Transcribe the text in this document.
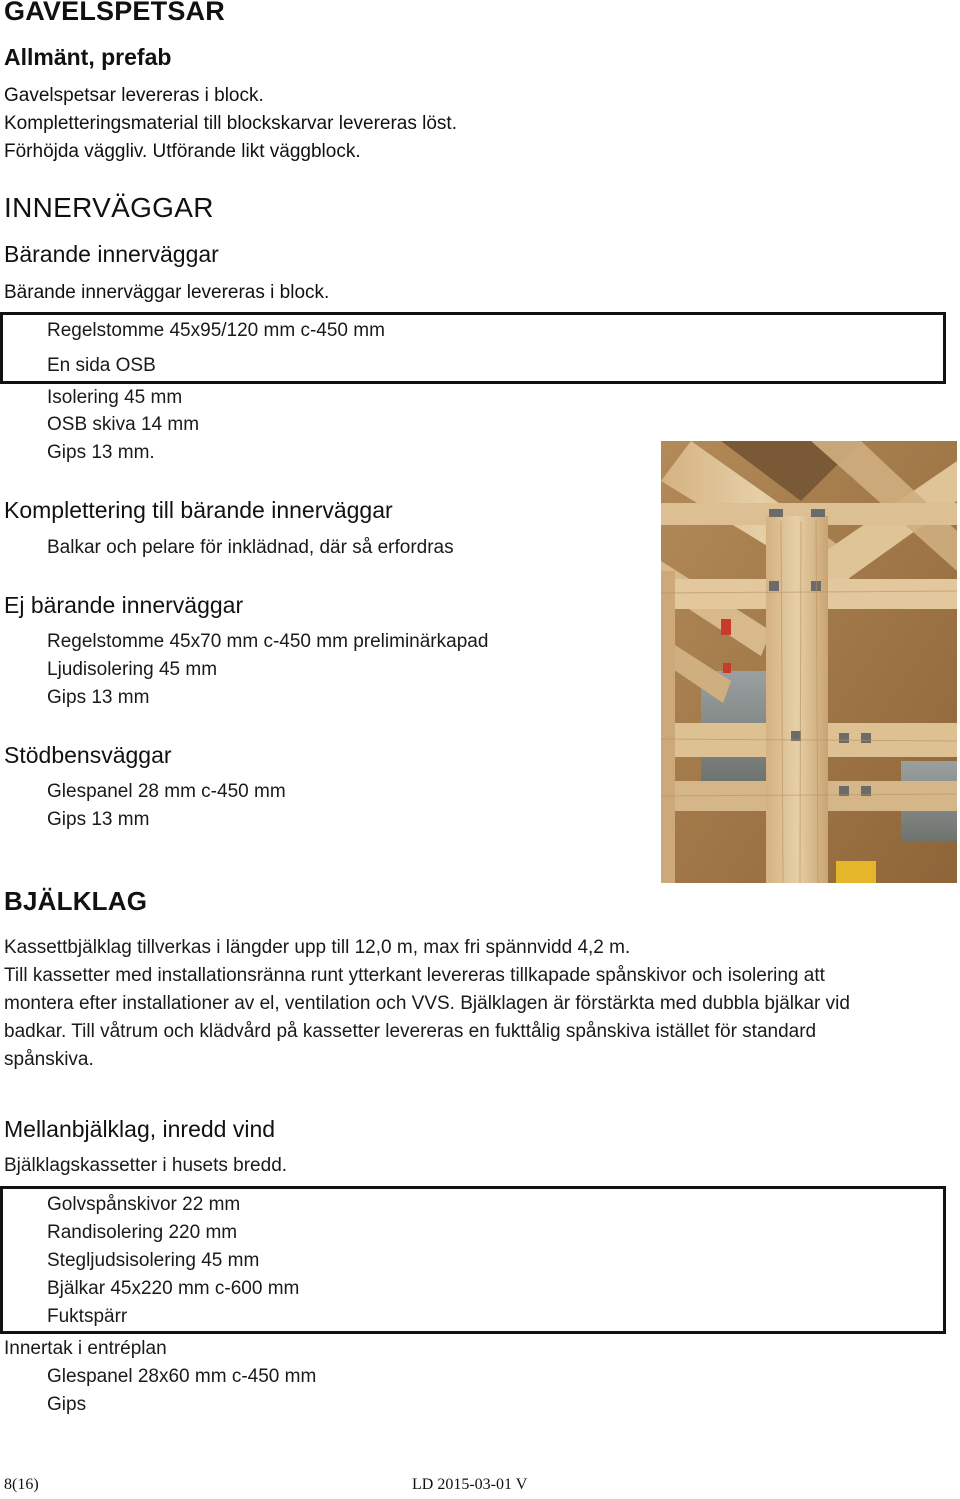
GAVELSPETSAR
Allmänt, prefab
Gavelspetsar levereras i block.
Kompletteringsmaterial till blockskarvar levereras löst.
Förhöjda väggliv. Utförande likt väggblock.
INNERVÄGGAR
Bärande innerväggar
Bärande innerväggar levereras i block.
Regelstomme 45x95/120 mm c-450 mm
En sida OSB
Isolering 45 mm
OSB skiva 14 mm
Gips 13 mm.
Komplettering till bärande innerväggar
Balkar och pelare för inklädnad, där så erfordras
Ej bärande innerväggar
Regelstomme 45x70 mm c-450 mm preliminärkapad
Ljudisolering 45 mm
Gips 13 mm
Stödbensväggar
Glespanel 28 mm c-450 mm
Gips 13 mm
BJÄLKLAG
Kassettbjälklag tillverkas i längder upp till 12,0 m, max fri spännvidd 4,2 m.
Till kassetter med installationsränna runt ytterkant levereras tillkapade spånskivor och isolering att
montera efter installationer av el, ventilation och VVS. Bjälklagen är förstärkta med dubbla bjälkar vid
badkar. Till våtrum och klädvård på kassetter levereras en fukttålig spånskiva istället för standard
spånskiva.
Mellanbjälklag, inredd vind
Bjälklagskassetter i husets bredd.
Golvspånskivor 22 mm
Randisolering 220 mm
Stegljudsisolering 45 mm
Bjälkar 45x220 mm c-600 mm
Fuktspärr
Innertak i entréplan
Glespanel 28x60 mm c-450 mm
Gips
8(16)	LD 2015-03-01 V
